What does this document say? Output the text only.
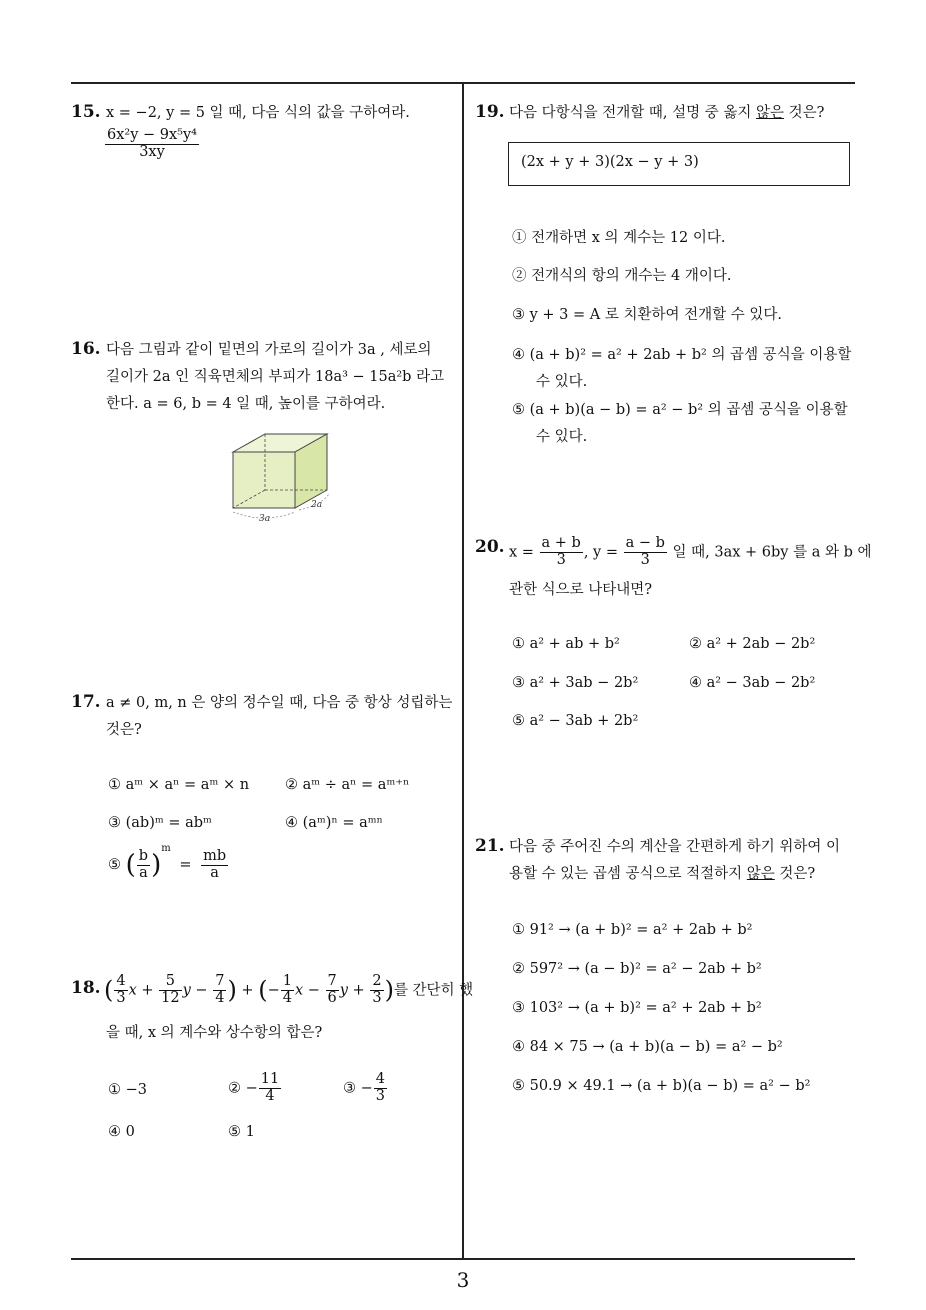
15. x = −2, y = 5 일 때, 다음 식의 값을 구하여라.
$\frac{\text{6x²y − 9x⁵y⁴}}{3xy}$
16. 다음 그림과 같이 밑면의 가로의 길이가 3a , 세로의
길이가 2a 인 직육면체의 부피가 18a³ − 15a²b 라고
한다. a = 6, b = 4 일 때, 높이를 구하여라.
3a
2a
17. a ≠ 0, m, n 은 양의 정수일 때, 다음 중 항상 성립하는
것은?
① aᵐ × aⁿ = aᵐ × n ② aᵐ ÷ aⁿ = aᵐ⁺ⁿ
③ (ab)ᵐ = abᵐ	④ (aᵐ)ⁿ = aᵐⁿ
⑤ ( $\frac{b}{a} )^m = \frac{mb}{a}$
18. ( $\frac{4}{3}$ $x + \frac{5}{12}$ $y - \frac{7}{4}$ ) + (− $\frac{1}{4}$ $x - \frac{7}{6}$ $y + \frac{2}{3}$ )를 간단히 했
을 때, x 의 계수와 상수항의 합은?
① −3	② − $\frac{11}{4}$	③ − $\frac{4}{3}$
④ 0	⑤ 1
19. 다음 다항식을 전개할 때, 설명 중 옳지 않은 것은?
(2x + y + 3)(2x − y + 3)
① 전개하면 x 의 계수는 12 이다.
② 전개식의 항의 개수는 4 개이다.
③ y + 3 = A 로 치환하여 전개할 수 있다.
④ (a + b)² = a² + 2ab + b² 의 곱셈 공식을 이용할
수 있다.
⑤ (a + b)(a − b) = a² − b² 의 곱셈 공식을 이용할
수 있다.
20. $x = \frac{a + b}{3}$ , $y = \frac{a - b}{3}$ 일 때, 3ax + 6by 를 a 와 b 에
관한 식으로 나타내면?
① a² + ab + b²	② a² + 2ab − 2b²
③ a² + 3ab − 2b²	④ a² − 3ab − 2b²
⑤ a² − 3ab + 2b²
21. 다음 중 주어진 수의 계산을 간편하게 하기 위하여 이
용할 수 있는 곱셈 공식으로 적절하지 않은 것은?
① 91² → (a + b)² = a² + 2ab + b²
② 597² → (a − b)² = a² − 2ab + b²
③ 103² → (a + b)² = a² + 2ab + b²
④ 84 × 75 → (a + b)(a − b) = a² − b²
⑤ 50.9 × 49.1 → (a + b)(a − b) = a² − b²
3
